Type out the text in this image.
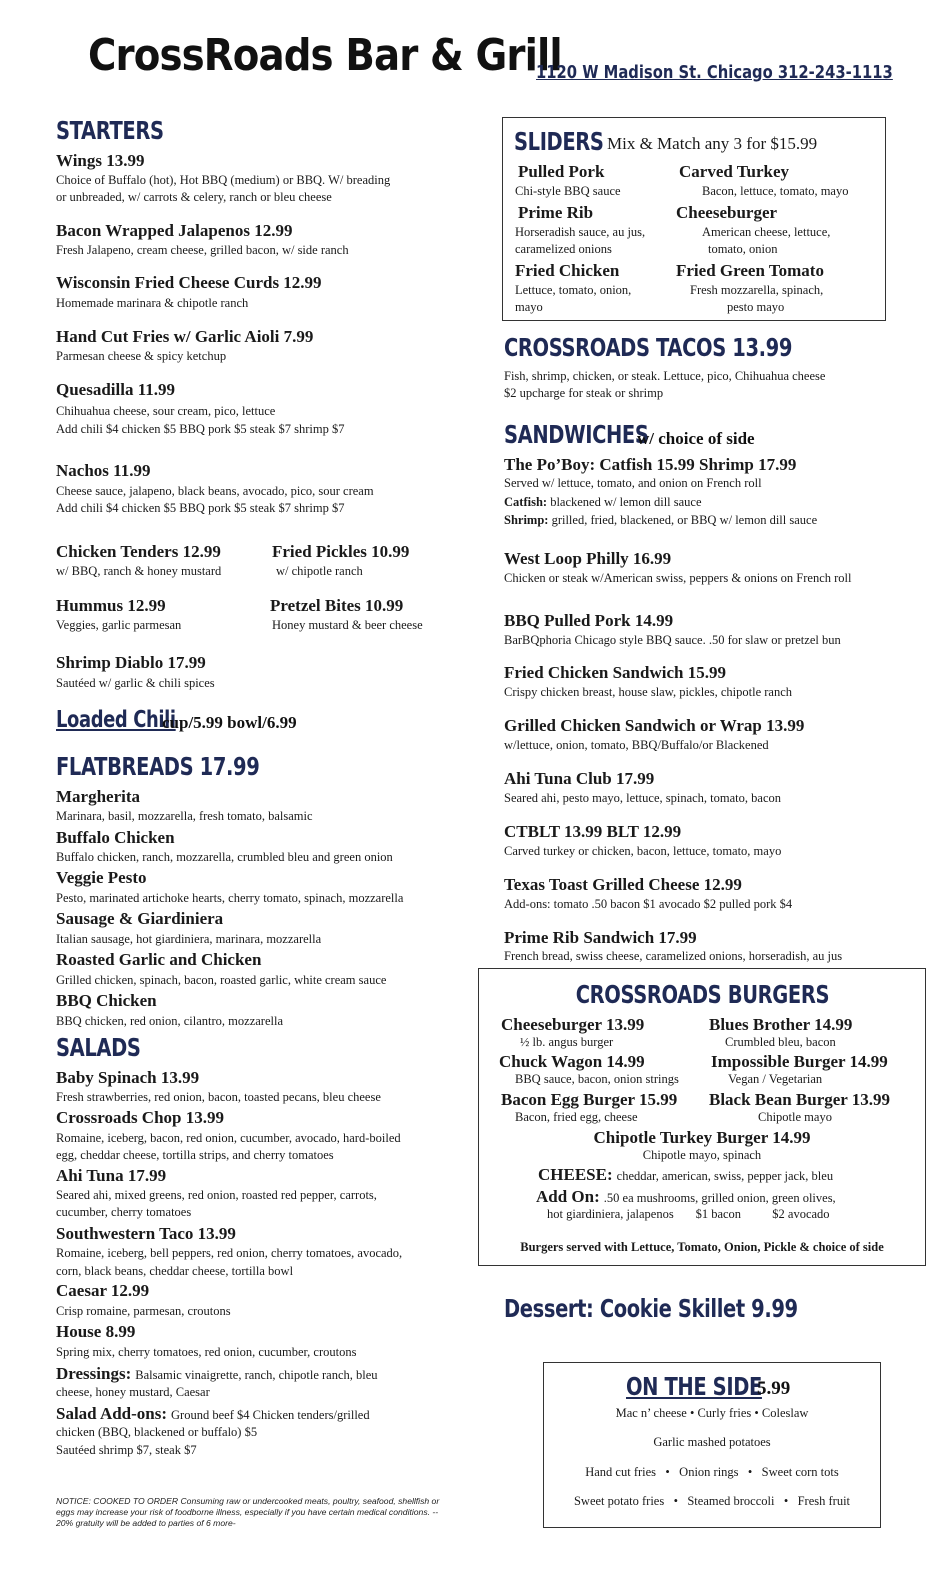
CrossRoads Bar & Grill
1120 W Madison St. Chicago 312-243-1113
STARTERS
Wings 13.99
Choice of Buffalo (hot), Hot BBQ (medium) or BBQ. W/ breading
or unbreaded, w/ carrots & celery, ranch or bleu cheese
Bacon Wrapped Jalapenos 12.99
Fresh Jalapeno, cream cheese, grilled bacon, w/ side ranch
Wisconsin Fried Cheese Curds 12.99
Homemade marinara & chipotle ranch
Hand Cut Fries w/ Garlic Aioli 7.99
Parmesan cheese & spicy ketchup
Quesadilla 11.99
Chihuahua cheese, sour cream, pico, lettuce
Add chili $4 chicken $5 BBQ pork $5 steak $7 shrimp $7
Nachos 11.99
Cheese sauce, jalapeno, black beans, avocado, pico, sour cream
Add chili $4 chicken $5 BBQ pork $5 steak $7 shrimp $7
Chicken Tenders 12.99
w/ BBQ, ranch & honey mustard
Fried Pickles 10.99
w/ chipotle ranch
Hummus 12.99
Veggies, garlic parmesan
Pretzel Bites 10.99
Honey mustard & beer cheese
Shrimp Diablo 17.99
Sautéed w/ garlic & chili spices
Loaded Chili
cup/5.99 bowl/6.99
FLATBREADS 17.99
Margherita
Marinara, basil, mozzarella, fresh tomato, balsamic
Buffalo Chicken
Buffalo chicken, ranch, mozzarella, crumbled bleu and green onion
Veggie Pesto
Pesto, marinated artichoke hearts, cherry tomato, spinach, mozzarella
Sausage & Giardiniera
Italian sausage, hot giardiniera, marinara, mozzarella
Roasted Garlic and Chicken
Grilled chicken, spinach, bacon, roasted garlic, white cream sauce
BBQ Chicken
BBQ chicken, red onion, cilantro, mozzarella
SALADS
Baby Spinach 13.99
Fresh strawberries, red onion, bacon, toasted pecans, bleu cheese
Crossroads Chop 13.99
Romaine, iceberg, bacon, red onion, cucumber, avocado, hard-boiled
egg, cheddar cheese, tortilla strips, and cherry tomatoes
Ahi Tuna 17.99
Seared ahi, mixed greens, red onion, roasted red pepper, carrots,
cucumber, cherry tomatoes
Southwestern Taco 13.99
Romaine, iceberg, bell peppers, red onion, cherry tomatoes, avocado,
corn, black beans, cheddar cheese, tortilla bowl
Caesar 12.99
Crisp romaine, parmesan, croutons
House 8.99
Spring mix, cherry tomatoes, red onion, cucumber, croutons
Dressings: Balsamic vinaigrette, ranch, chipotle ranch, bleu
cheese, honey mustard, Caesar
Salad Add-ons: Ground beef $4 Chicken tenders/grilled
chicken (BBQ, blackened or buffalo) $5
Sautéed shrimp $7, steak $7
NOTICE: COOKED TO ORDER Consuming raw or undercooked meats, poultry, seafood, shellfish or eggs may increase your risk of foodborne illness, especially if you have certain medical conditions. -- 20% gratuity will be added to parties of 6 more-
SLIDERS Mix & Match any 3 for $15.99
Pulled Pork
Chi-style BBQ sauce
Carved Turkey
Bacon, lettuce, tomato, mayo
Prime Rib
Horseradish sauce, au jus,
caramelized onions
Cheeseburger
American cheese, lettuce,
tomato, onion
Fried Chicken
Lettuce, tomato, onion,
mayo
Fried Green Tomato
Fresh mozzarella, spinach,
pesto mayo
CROSSROADS TACOS 13.99
Fish, shrimp, chicken, or steak. Lettuce, pico, Chihuahua cheese
$2 upcharge for steak or shrimp
SANDWICHES
w/ choice of side
The Po’Boy: Catfish 15.99 Shrimp 17.99
Served w/ lettuce, tomato, and onion on French roll
Catfish: blackened w/ lemon dill sauce
Shrimp: grilled, fried, blackened, or BBQ w/ lemon dill sauce
West Loop Philly 16.99
Chicken or steak w/American swiss, peppers & onions on French roll
BBQ Pulled Pork 14.99
BarBQphoria Chicago style BBQ sauce. .50 for slaw or pretzel bun
Fried Chicken Sandwich 15.99
Crispy chicken breast, house slaw, pickles, chipotle ranch
Grilled Chicken Sandwich or Wrap 13.99
w/lettuce, onion, tomato, BBQ/Buffalo/or Blackened
Ahi Tuna Club 17.99
Seared ahi, pesto mayo, lettuce, spinach, tomato, bacon
CTBLT 13.99 BLT 12.99
Carved turkey or chicken, bacon, lettuce, tomato, mayo
Texas Toast Grilled Cheese 12.99
Add-ons: tomato .50 bacon $1 avocado $2 pulled pork $4
Prime Rib Sandwich 17.99
French bread, swiss cheese, caramelized onions, horseradish, au jus
CROSSROADS BURGERS
Cheeseburger 13.99
½ lb. angus burger
Blues Brother 14.99
Crumbled bleu, bacon
Chuck Wagon 14.99
BBQ sauce, bacon, onion strings
Impossible Burger 14.99
Vegan / Vegetarian
Bacon Egg Burger 15.99
Bacon, fried egg, cheese
Black Bean Burger 13.99
Chipotle mayo
Chipotle Turkey Burger 14.99
Chipotle mayo, spinach
CHEESE: cheddar, american, swiss, pepper jack, bleu
Add On: .50 ea mushrooms, grilled onion, green olives,
hot giardiniera, jalapenos       $1 bacon          $2 avocado
Burgers served with Lettuce, Tomato, Onion, Pickle & choice of side
Dessert: Cookie Skillet 9.99
ON THE SIDE
5.99
Mac n’ cheese • Curly fries • Coleslaw
Garlic mashed potatoes
Hand cut fries   •   Onion rings   •   Sweet corn tots
Sweet potato fries   •   Steamed broccoli   •   Fresh fruit
